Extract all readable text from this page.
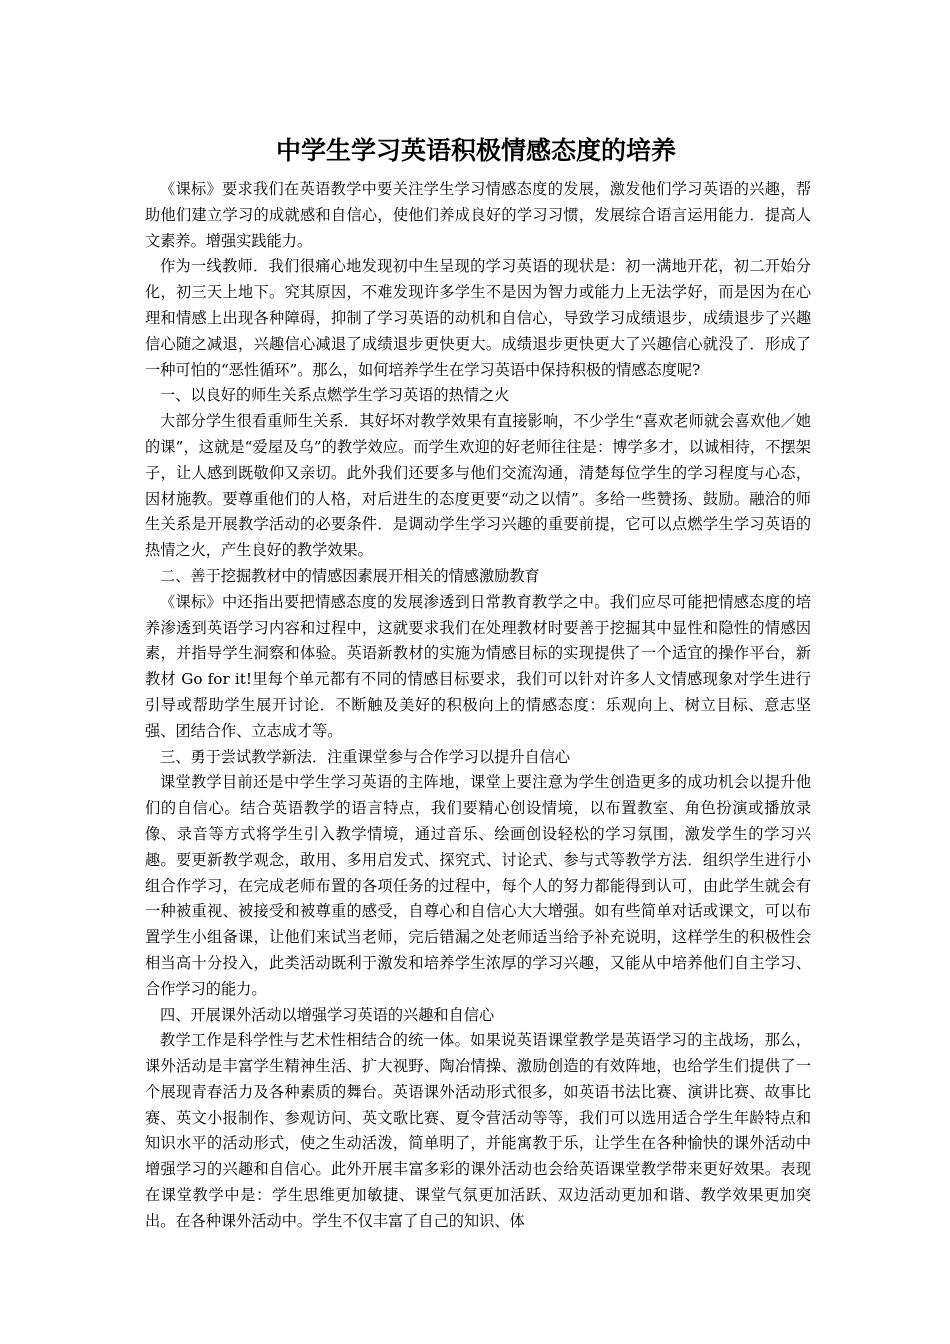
中学生学习英语积极情感态度的培养

《课标》要求我们在英语教学中要关注学生学习情感态度的发展，激发他们学习英语的兴趣，帮助他们建立学习的成就感和自信心，使他们养成良好的学习习惯，发展综合语言运用能力．提高人文素养。增强实践能力。

作为一线教师．我们很痛心地发现初中生呈现的学习英语的现状是：初一满地开花，初二开始分化，初三天上地下。究其原因，不难发现许多学生不是因为智力或能力上无法学好，而是因为在心理和情感上出现各种障碍，抑制了学习英语的动机和自信心，导致学习成绩退步，成绩退步了兴趣信心随之减退，兴趣信心减退了成绩退步更快更大。成绩退步更快更大了兴趣信心就没了．形成了一种可怕的“恶性循环”。那么，如何培养学生在学习英语中保持积极的情感态度呢?

一、以良好的师生关系点燃学生学习英语的热情之火

大部分学生很看重师生关系．其好坏对教学效果有直接影响，不少学生“喜欢老师就会喜欢他／她的课”，这就是“爱屋及乌”的教学效应。而学生欢迎的好老师往往是：博学多才，以诚相待，不摆架子，让人感到既敬仰又亲切。此外我们还要多与他们交流沟通，清楚每位学生的学习程度与心态，因材施教。要尊重他们的人格，对后进生的态度更要“动之以情”。多给一些赞扬、鼓励。融洽的师生关系是开展教学活动的必要条件．是调动学生学习兴趣的重要前提，它可以点燃学生学习英语的热情之火，产生良好的教学效果。

二、善于挖掘教材中的情感因素展开相关的情感激励教育

《课标》中还指出要把情感态度的发展渗透到日常教育教学之中。我们应尽可能把情感态度的培养渗透到英语学习内容和过程中，这就要求我们在处理教材时要善于挖掘其中显性和隐性的情感因素，并指导学生洞察和体验。英语新教材的实施为情感目标的实现提供了一个适宜的操作平台，新教材 Go for it!里每个单元都有不同的情感目标要求，我们可以针对许多人文情感现象对学生进行引导或帮助学生展开讨论．不断触及美好的积极向上的情感态度：乐观向上、树立目标、意志坚强、团结合作、立志成才等。

三、勇于尝试教学新法．注重课堂参与合作学习以提升自信心

课堂教学目前还是中学生学习英语的主阵地，课堂上要注意为学生创造更多的成功机会以提升他们的自信心。结合英语教学的语言特点，我们要精心创设情境，以布置教室、角色扮演或播放录像、录音等方式将学生引入教学情境，通过音乐、绘画创设轻松的学习氛围，激发学生的学习兴趣。要更新教学观念，敢用、多用启发式、探究式、讨论式、参与式等教学方法．组织学生进行小组合作学习，在完成老师布置的各项任务的过程中，每个人的努力都能得到认可，由此学生就会有一种被重视、被接受和被尊重的感受，自尊心和自信心大大增强。如有些简单对话或课文，可以布置学生小组备课，让他们来试当老师，完后错漏之处老师适当给予补充说明，这样学生的积极性会相当高十分投入，此类活动既利于激发和培养学生浓厚的学习兴趣，又能从中培养他们自主学习、合作学习的能力。

四、开展课外活动以增强学习英语的兴趣和自信心

教学工作是科学性与艺术性相结合的统一体。如果说英语课堂教学是英语学习的主战场，那么，课外活动是丰富学生精神生活、扩大视野、陶冶情操、激励创造的有效阵地，也给学生们提供了一个展现青春活力及各种素质的舞台。英语课外活动形式很多，如英语书法比赛、演讲比赛、故事比赛、英文小报制作、参观访问、英文歌比赛、夏令营活动等等，我们可以选用适合学生年龄特点和知识水平的活动形式，使之生动活泼，简单明了，并能寓教于乐，让学生在各种愉快的课外活动中增强学习的兴趣和自信心。此外开展丰富多彩的课外活动也会给英语课堂教学带来更好效果。表现在课堂教学中是：学生思维更加敏捷、课堂气氛更加活跃、双边活动更加和谐、教学效果更加突出。在各种课外活动中。学生不仅丰富了自己的知识、体
